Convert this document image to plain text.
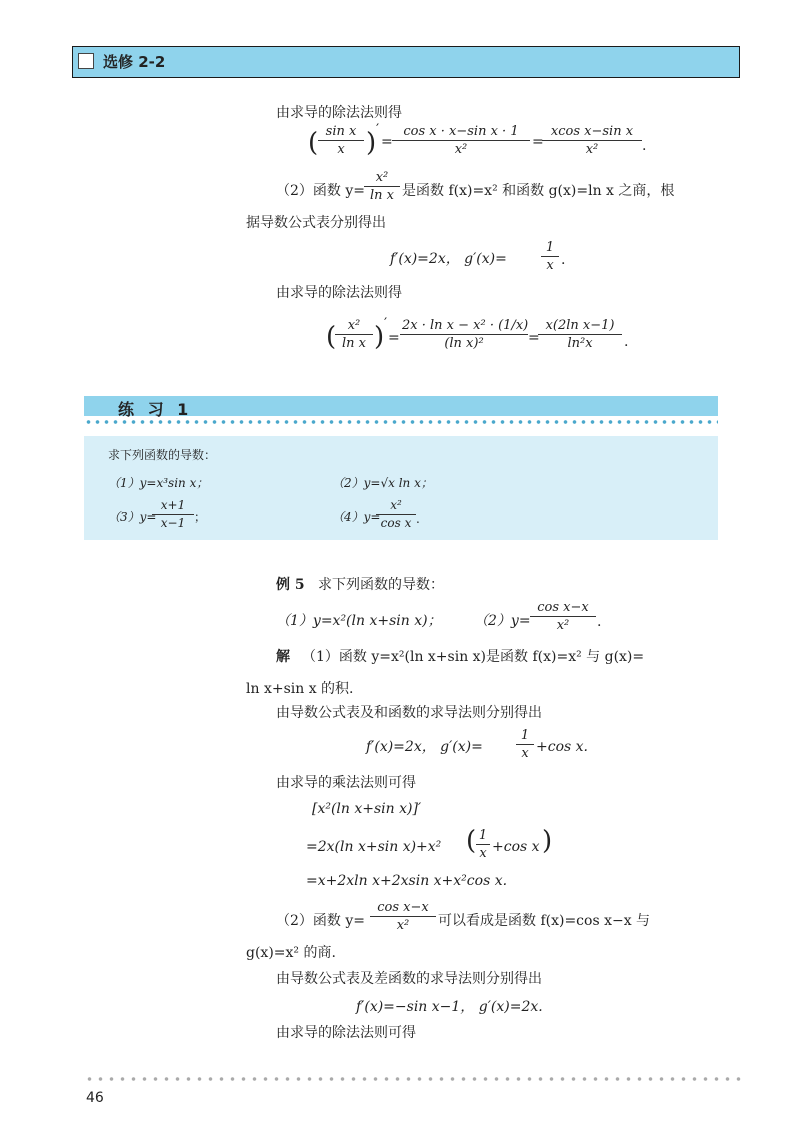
选修 2-2
由求导的除法法则得
( $\frac{\text{sin x}}{x}$ ) ′
= $\frac{\text{cos x · x−sin x · 1}}{\text{x²}}$ =
$\frac{\text{xcos x−sin x}}{\text{x²}}$ .
（2）函数 $y= \frac{\text{x²}}{\text{ln x}}$ 是函数 f(x)=x² 和函数 g(x)=ln x 之商，根
据导数公式表分别得出
f′(x)=2x， g′(x)=	$\frac{1}{x}$ .
由求导的除法法则得
(
$\frac{\text{x²}}{\text{ln x}}$ ) ′
= $\frac{\text{2x · ln x − x² · (1/x)}}{\text{(ln x)²}}$ =
$\frac{\text{x(2ln x−1)}}{\text{ln²x}}$ .
练 习 1
求下列函数的导数：
（1）y=x³sin x；	（2）y=√x ln x；
（3）y=
$\frac{x+1}{x-1}$ ；	（4）y=
$\frac{\text{x²}}{\text{cos x}}$ .
例 5 求下列函数的导数：
（1）y=x²(ln x+sin x)； $(2)y= \frac{\text{cos x−x}}{\text{x²}}$ .
解 （1）函数 y=x²(ln x+sin x)是函数 f(x)=x² 与 g(x)=
ln x+sin x 的积.
由导数公式表及和函数的求导法则分别得出
f′(x)=2x， g′(x)=	$\frac{1}{x} +\cos$ x.
由求导的乘法法则可得
[x²(ln x+sin x)]′
=2x(ln x+sin x)+x² ( $\frac{1}{x} +\cos$ x )
=x+2xln x+2xsin x+x²cos x.
（2）函数 $y= \frac{\text{cos x−x}}{\text{x²}}$ 可以看成是函数 f(x)=cos x−x 与
g(x)=x² 的商.
由导数公式表及差函数的求导法则分别得出
f′(x)=−sin x−1， g′(x)=2x.
由求导的除法法则可得
46
